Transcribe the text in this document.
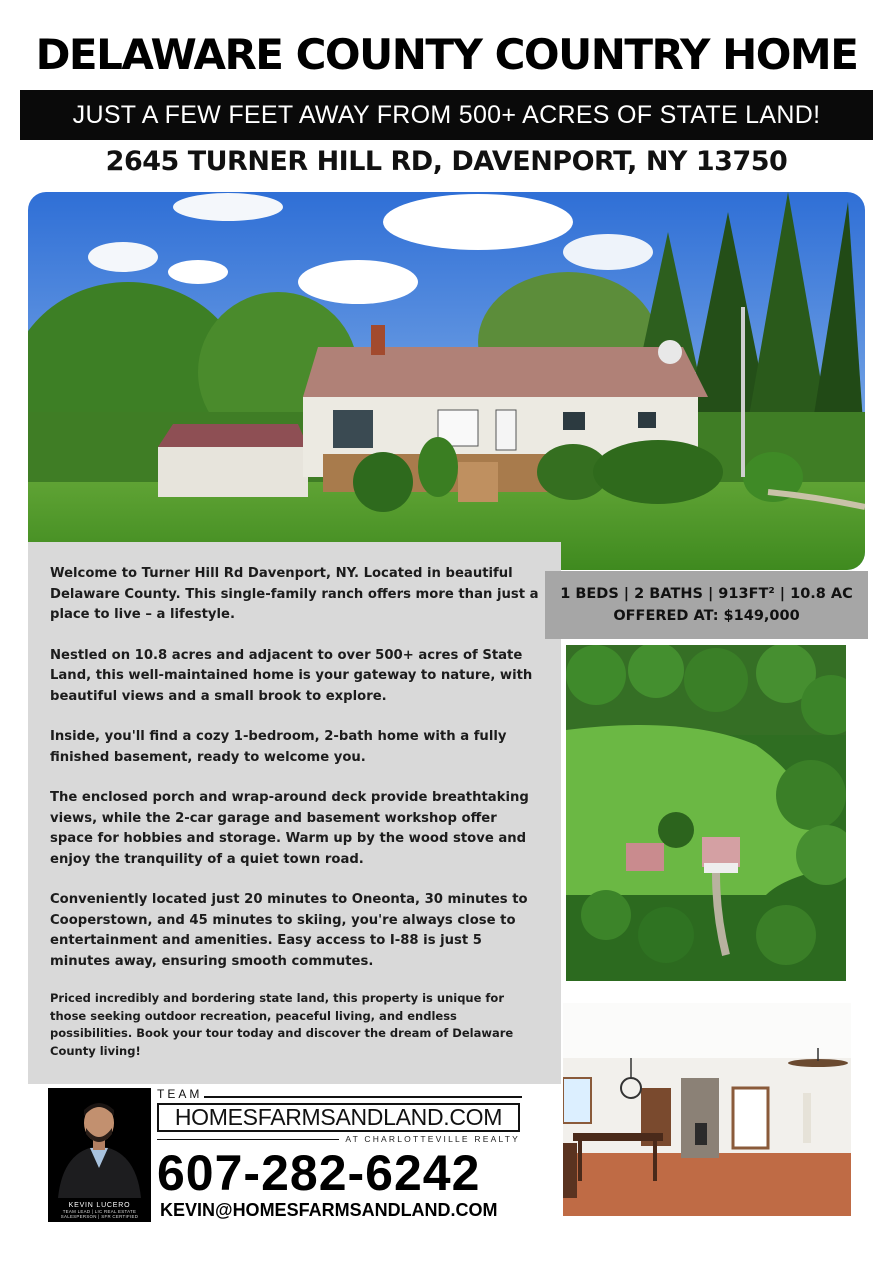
DELAWARE COUNTY COUNTRY HOME
JUST A FEW FEET AWAY FROM 500+ ACRES OF STATE LAND!
2645 TURNER HILL RD, DAVENPORT, NY 13750

Welcome to Turner Hill Rd Davenport, NY. Located in beautiful Delaware County. This single-family ranch offers more than just a place to live – a lifestyle.

Nestled on 10.8 acres and adjacent to over 500+ acres of State Land, this well-maintained home is your gateway to nature, with beautiful views and a small brook to explore.

Inside, you'll find a cozy 1-bedroom, 2-bath home with a fully finished basement, ready to welcome you.

The enclosed porch and wrap-around deck provide breathtaking views, while the 2-car garage and basement workshop offer space for hobbies and storage. Warm up by the wood stove and enjoy the tranquility of a quiet town road.

Conveniently located just 20 minutes to Oneonta, 30 minutes to Cooperstown, and 45 minutes to skiing, you're always close to entertainment and amenities. Easy access to I-88 is just 5 minutes away, ensuring smooth commutes.

Priced incredibly and bordering state land, this property is unique for those seeking outdoor recreation, peaceful living, and endless possibilities. Book your tour today and discover the dream of Delaware County living!

1 BEDS | 2 BATHS | 913FT² | 10.8 AC
OFFERED AT: $149,000
KEVIN LUCERO
TEAM LEAD | LIC REAL ESTATE SALESPERSON | SFR CERTIFIED
TEAM
HOMESFARMSANDLAND.COM
AT CHARLOTTEVILLE REALTY
607-282-6242
KEVIN@HOMESFARMSANDLAND.COM
